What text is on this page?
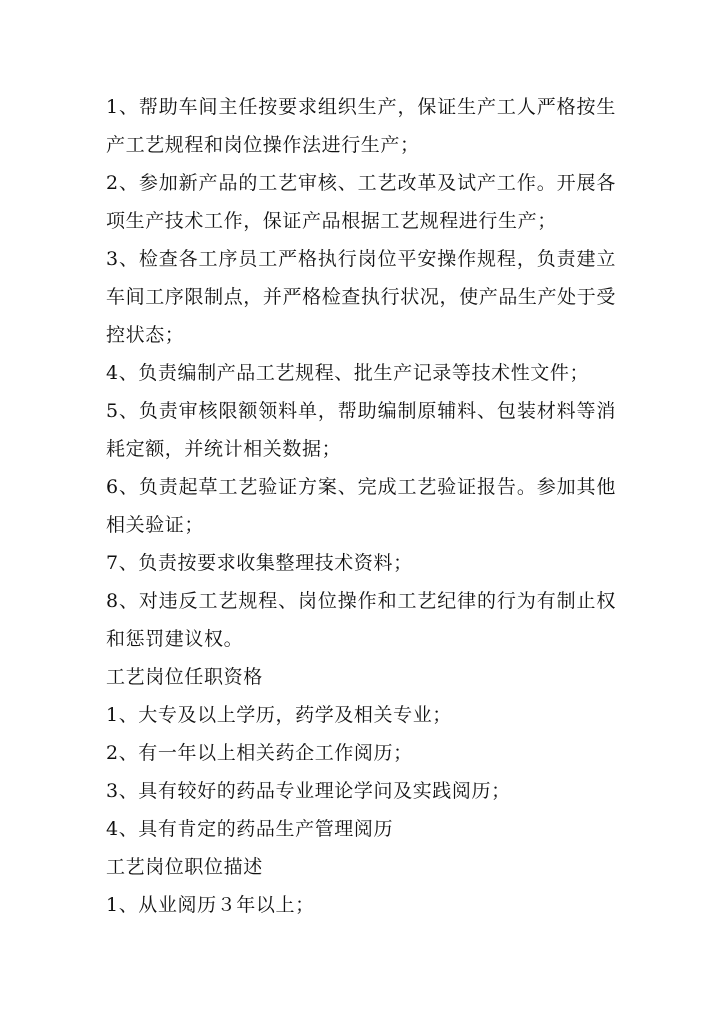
1、帮助车间主任按要求组织生产，保证生产工人严格按生产工艺规程和岗位操作法进行生产；

2、参加新产品的工艺审核、工艺改革及试产工作。开展各项生产技术工作，保证产品根据工艺规程进行生产；

3、检查各工序员工严格执行岗位平安操作规程，负责建立车间工序限制点，并严格检查执行状况，使产品生产处于受控状态；

4、负责编制产品工艺规程、批生产记录等技术性文件；

5、负责审核限额领料单，帮助编制原辅料、包装材料等消耗定额，并统计相关数据；

6、负责起草工艺验证方案、完成工艺验证报告。参加其他相关验证；

7、负责按要求收集整理技术资料；

8、对违反工艺规程、岗位操作和工艺纪律的行为有制止权和惩罚建议权。

工艺岗位任职资格

1、大专及以上学历，药学及相关专业；

2、有一年以上相关药企工作阅历；

3、具有较好的药品专业理论学问及实践阅历；

4、具有肯定的药品生产管理阅历

工艺岗位职位描述

1、从业阅历３年以上；
